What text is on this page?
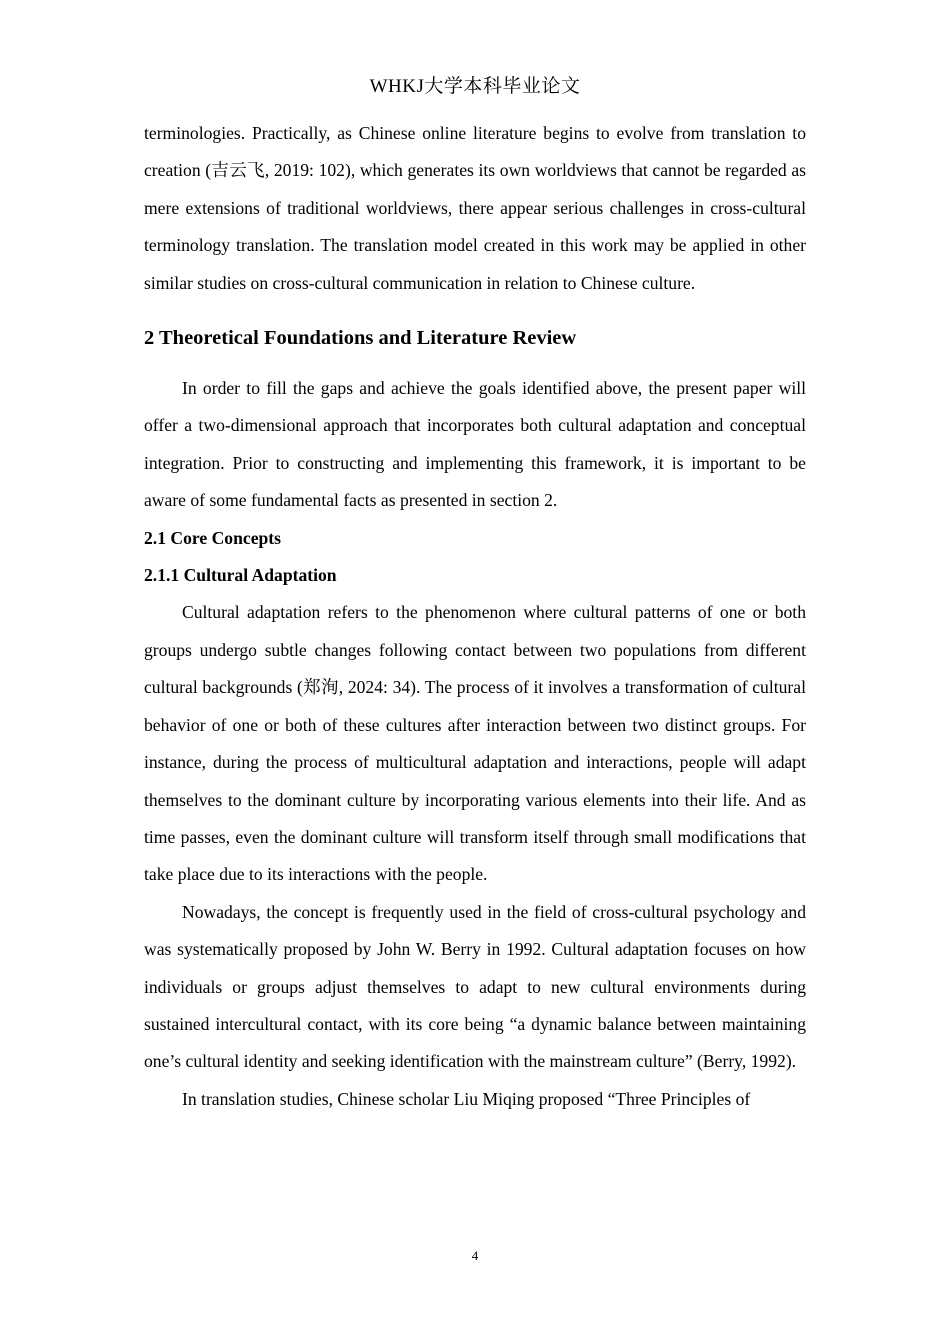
WHKJ大学本科毕业论文

terminologies. Practically, as Chinese online literature begins to evolve from translation to creation (吉云飞, 2019: 102), which generates its own worldviews that cannot be regarded as mere extensions of traditional worldviews, there appear serious challenges in cross-cultural terminology translation. The translation model created in this work may be applied in other similar studies on cross-cultural communication in relation to Chinese culture.

2 Theoretical Foundations and Literature Review

In order to fill the gaps and achieve the goals identified above, the present paper will offer a two-dimensional approach that incorporates both cultural adaptation and conceptual integration. Prior to constructing and implementing this framework, it is important to be aware of some fundamental facts as presented in section 2.

2.1 Core Concepts
2.1.1 Cultural Adaptation

Cultural adaptation refers to the phenomenon where cultural patterns of one or both groups undergo subtle changes following contact between two populations from different cultural backgrounds (郑洵, 2024: 34). The process of it involves a transformation of cultural behavior of one or both of these cultures after interaction between two distinct groups. For instance, during the process of multicultural adaptation and interactions, people will adapt themselves to the dominant culture by incorporating various elements into their life. And as time passes, even the dominant culture will transform itself through small modifications that take place due to its interactions with the people.

Nowadays, the concept is frequently used in the field of cross-cultural psychology and was systematically proposed by John W. Berry in 1992. Cultural adaptation focuses on how individuals or groups adjust themselves to adapt to new cultural environments during sustained intercultural contact, with its core being “a dynamic balance between maintaining one’s cultural identity and seeking identification with the mainstream culture” (Berry, 1992).

In translation studies, Chinese scholar Liu Miqing proposed “Three Principles of

4
